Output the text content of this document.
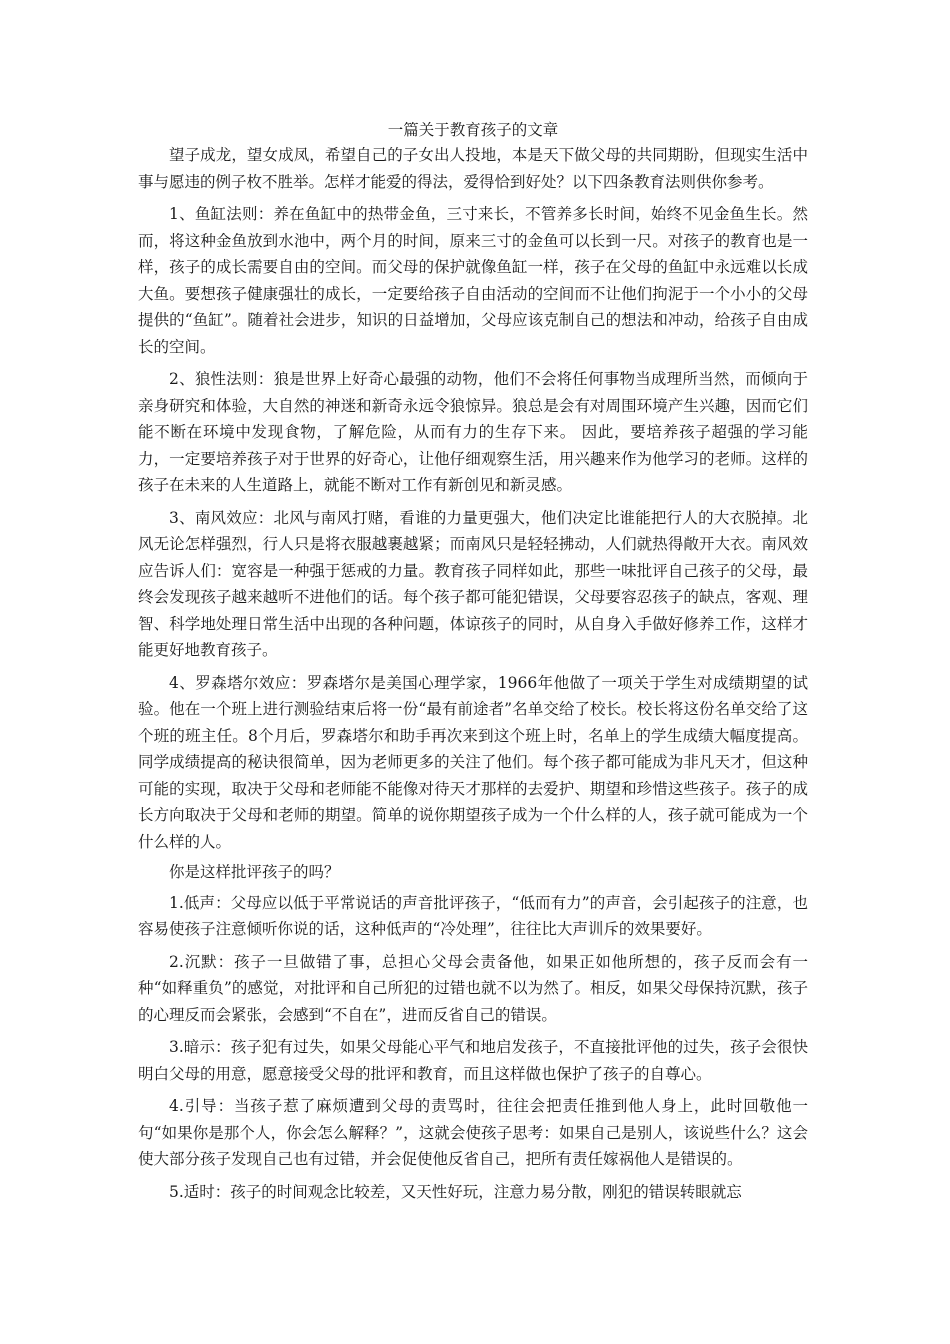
一篇关于教育孩子的文章

望子成龙，望女成凤，希望自己的子女出人投地，本是天下做父母的共同期盼，但现实生活中事与愿违的例子枚不胜举。怎样才能爱的得法，爱得恰到好处？以下四条教育法则供你参考。

1、鱼缸法则：养在鱼缸中的热带金鱼，三寸来长，不管养多长时间，始终不见金鱼生长。然而，将这种金鱼放到水池中，两个月的时间，原来三寸的金鱼可以长到一尺。对孩子的教育也是一样，孩子的成长需要自由的空间。而父母的保护就像鱼缸一样，孩子在父母的鱼缸中永远难以长成大鱼。要想孩子健康强壮的成长，一定要给孩子自由活动的空间而不让他们拘泥于一个小小的父母提供的“鱼缸”。随着社会进步，知识的日益增加，父母应该克制自己的想法和冲动，给孩子自由成长的空间。

2、狼性法则：狼是世界上好奇心最强的动物，他们不会将任何事物当成理所当然，而倾向于亲身研究和体验，大自然的神迷和新奇永远令狼惊异。狼总是会有对周围环境产生兴趣，因而它们能不断在环境中发现食物，了解危险，从而有力的生存下来。 因此，要培养孩子超强的学习能力，一定要培养孩子对于世界的好奇心，让他仔细观察生活，用兴趣来作为他学习的老师。这样的孩子在未来的人生道路上，就能不断对工作有新创见和新灵感。

3、南风效应：北风与南风打赌，看谁的力量更强大，他们决定比谁能把行人的大衣脱掉。北风无论怎样强烈，行人只是将衣服越裹越紧；而南风只是轻轻拂动，人们就热得敞开大衣。南风效应告诉人们：宽容是一种强于惩戒的力量。教育孩子同样如此，那些一味批评自己孩子的父母，最终会发现孩子越来越听不进他们的话。每个孩子都可能犯错误，父母要容忍孩子的缺点，客观、理智、科学地处理日常生活中出现的各种问题，体谅孩子的同时，从自身入手做好修养工作，这样才能更好地教育孩子。

4、罗森塔尔效应：罗森塔尔是美国心理学家，1966年他做了一项关于学生对成绩期望的试验。他在一个班上进行测验结束后将一份“最有前途者”名单交给了校长。校长将这份名单交给了这个班的班主任。8个月后，罗森塔尔和助手再次来到这个班上时，名单上的学生成绩大幅度提高。同学成绩提高的秘诀很简单，因为老师更多的关注了他们。每个孩子都可能成为非凡天才，但这种可能的实现，取决于父母和老师能不能像对待天才那样的去爱护、期望和珍惜这些孩子。孩子的成长方向取决于父母和老师的期望。简单的说你期望孩子成为一个什么样的人，孩子就可能成为一个什么样的人。

你是这样批评孩子的吗？

1.低声：父母应以低于平常说话的声音批评孩子，“低而有力”的声音，会引起孩子的注意，也容易使孩子注意倾听你说的话，这种低声的“冷处理”，往往比大声训斥的效果要好。

2.沉默：孩子一旦做错了事，总担心父母会责备他，如果正如他所想的，孩子反而会有一种“如释重负”的感觉，对批评和自己所犯的过错也就不以为然了。相反，如果父母保持沉默，孩子的心理反而会紧张，会感到“不自在”，进而反省自己的错误。

3.暗示：孩子犯有过失，如果父母能心平气和地启发孩子，不直接批评他的过失，孩子会很快明白父母的用意，愿意接受父母的批评和教育，而且这样做也保护了孩子的自尊心。

4.引导：当孩子惹了麻烦遭到父母的责骂时，往往会把责任推到他人身上，此时回敬他一句“如果你是那个人，你会怎么解释？”，这就会使孩子思考：如果自己是别人，该说些什么？这会使大部分孩子发现自己也有过错，并会促使他反省自己，把所有责任嫁祸他人是错误的。

5.适时：孩子的时间观念比较差，又天性好玩，注意力易分散，刚犯的错误转眼就忘
